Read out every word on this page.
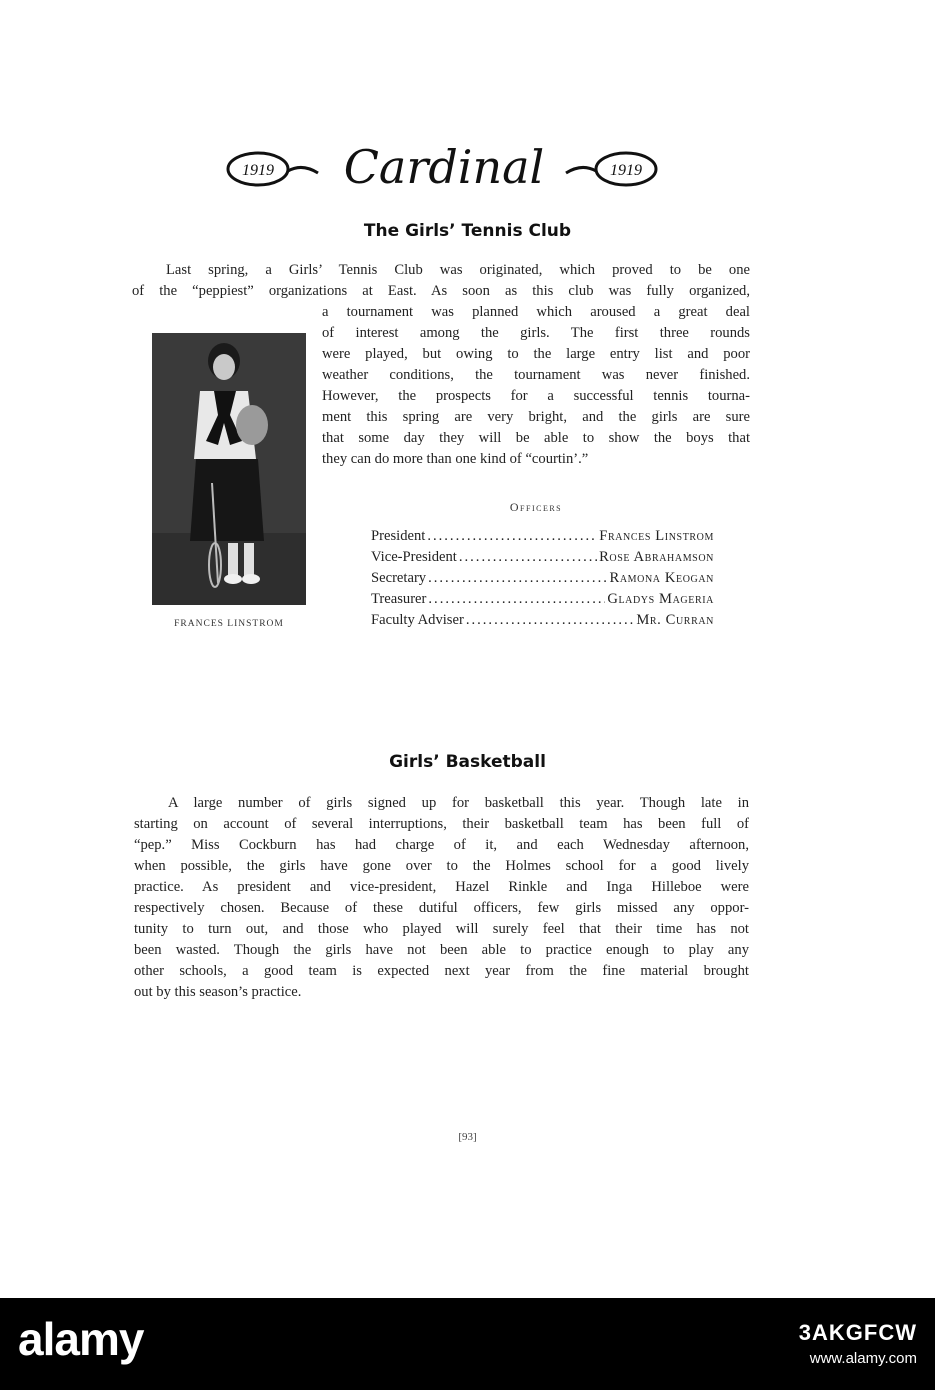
1919 Cardinal	1919
The Girls’ Tennis Club
Last spring, a Girls’ Tennis Club was originated, which proved to be one
of the “peppiest” organizations at East. As soon as this club was fully organized,
a tournament was planned which aroused a great deal
of interest among the girls. The first three rounds
were played, but owing to the large entry list and poor
weather conditions, the tournament was never finished.
However, the prospects for a successful tennis tourna-
ment this spring are very bright, and the girls are sure
that some day they will be able to show the boys that
they can do more than one kind of “courtin’.”
FRANCES LINSTROM
Officers
President .....	Frances Linstrom
Vice-President .....	Rose Abrahamson
Secretary .....	Ramona Keogan
Treasurer .....	Gladys Mageria
Faculty Adviser .....	Mr. Curran
Girls’ Basketball
A large number of girls signed up for basketball this year. Though late in
starting on account of several interruptions, their basketball team has been full of
“pep.” Miss Cockburn has had charge of it, and each Wednesday afternoon,
when possible, the girls have gone over to the Holmes school for a good lively
practice. As president and vice-president, Hazel Rinkle and Inga Hilleboe were
respectively chosen. Because of these dutiful officers, few girls missed any oppor-
tunity to turn out, and those who played will surely feel that their time has not
been wasted. Though the girls have not been able to practice enough to play any
other schools, a good team is expected next year from the fine material brought
out by this season’s practice.
[93]
alamy	3AKGFCW
www.alamy.com
